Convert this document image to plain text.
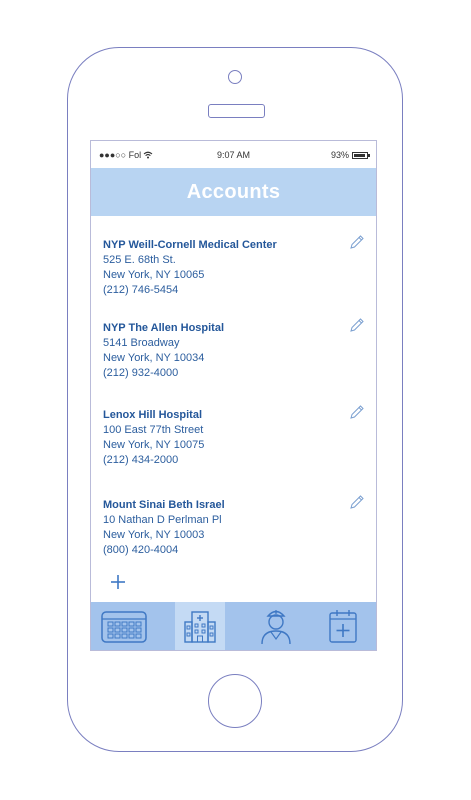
●●●○○ Fol	9:07 AM	93%
Accounts
NYP Weill-Cornell Medical Center
525 E. 68th St.
New York, NY 10065
(212) 746-5454
NYP The Allen Hospital
5141 Broadway
New York, NY 10034
(212) 932-4000
Lenox Hill Hospital
100 East 77th Street
New York, NY 10075
(212) 434-2000
Mount Sinai Beth Israel
10 Nathan D Perlman Pl
New York, NY 10003
(800) 420-4004
